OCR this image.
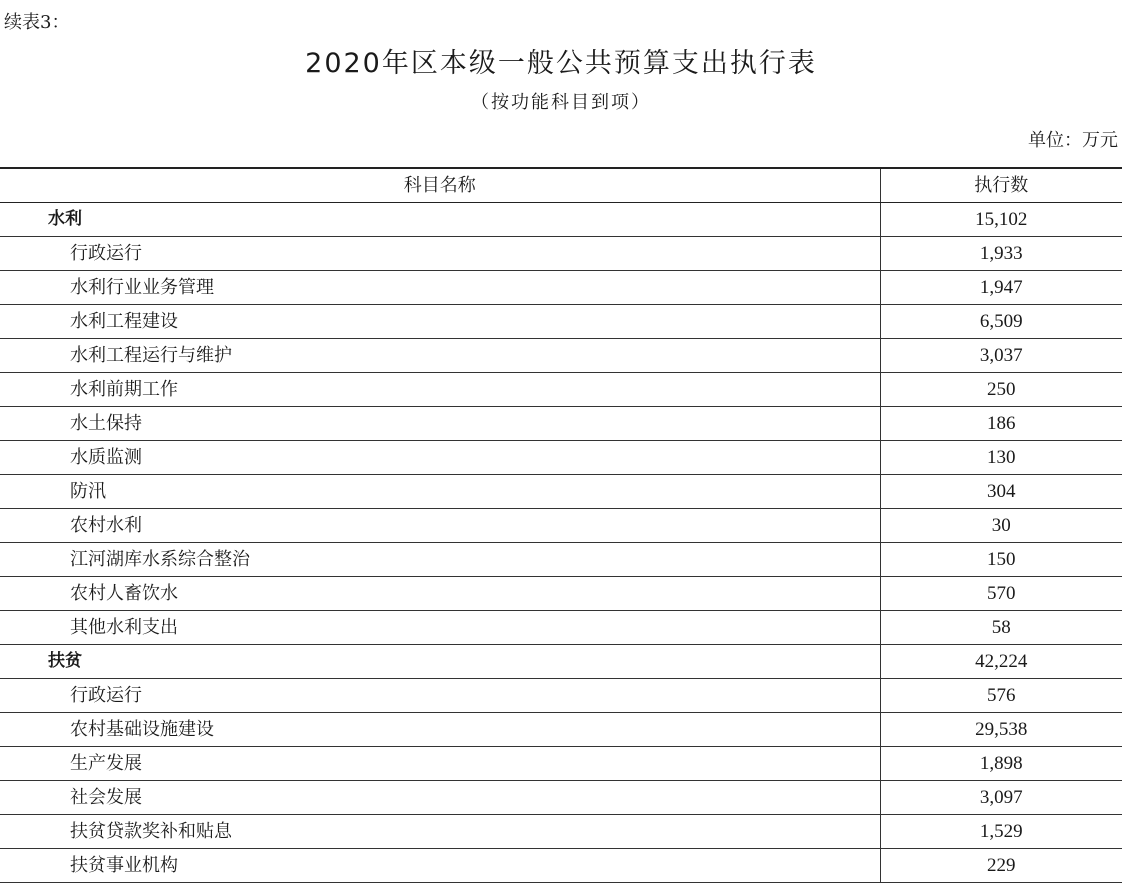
续表3：
2020年区本级一般公共预算支出执行表
（按功能科目到项）
单位：万元
科目名称	执行数
水利	15,102
行政运行	1,933
水利行业业务管理	1,947
水利工程建设	6,509
水利工程运行与维护	3,037
水利前期工作	250
水土保持	186
水质监测	130
防汛	304
农村水利	30
江河湖库水系综合整治	150
农村人畜饮水	570
其他水利支出	58
扶贫	42,224
行政运行	576
农村基础设施建设	29,538
生产发展	1,898
社会发展	3,097
扶贫贷款奖补和贴息	1,529
扶贫事业机构	229
